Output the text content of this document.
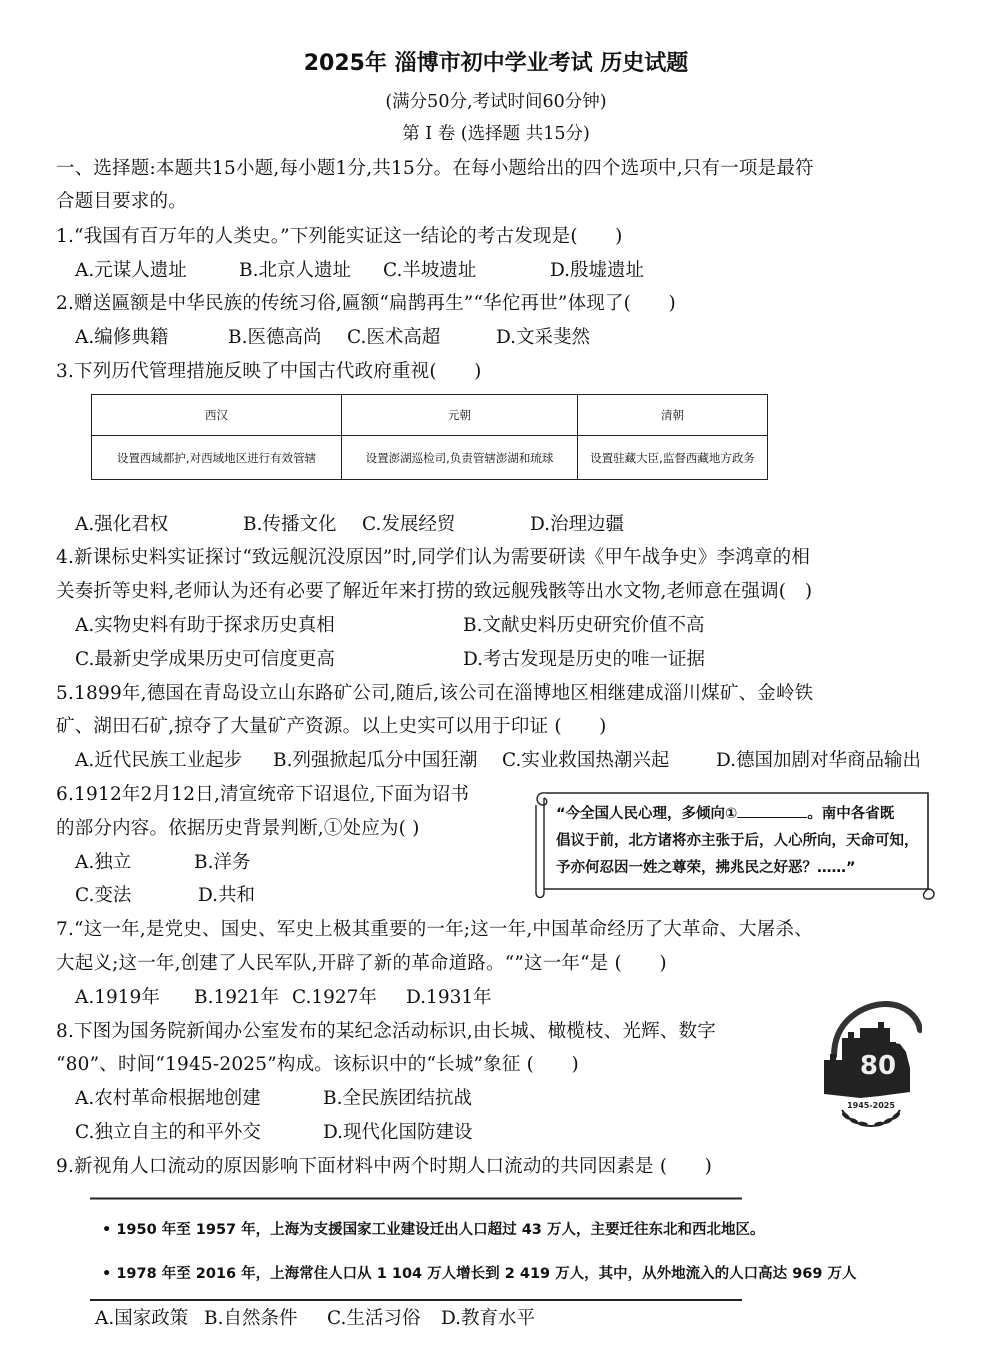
2025年 淄博市初中学业考试 历史试题
(满分50分,考试时间60分钟)
第 I 卷 (选择题 共15分)
一、选择题:本题共15小题,每小题1分,共15分。在每小题给出的四个选项中,只有一项是最符
合题目要求的。
1.“我国有百万年的人类史。”下列能实证这一结论的考古发现是(　　)
A.元谋人遗址	B.北京人遗址 C.半坡遗址	D.殷墟遗址
2.赠送匾额是中华民族的传统习俗,匾额“扁鹊再生”“华佗再世”体现了(　　)
A.编修典籍	B.医德高尚 C.医术高超	D.文采斐然
3.下列历代管理措施反映了中国古代政府重视(　　)
西汉	元朝	清朝
设置西域都护,对西域地区进行有效管辖	设置澎湖巡检司,负责管辖澎湖和琉球	设置驻藏大臣,监督西藏地方政务
A.强化君权	B.传播文化 C.发展经贸	D.治理边疆
4.新课标史料实证探讨“致远舰沉没原因”时,同学们认为需要研读《甲午战争史》李鸿章的相
关奏折等史料,老师认为还有必要了解近年来打捞的致远舰残骸等出水文物,老师意在强调(　)
A.实物史料有助于探求历史真相	B.文献史料历史研究价值不高
C.最新史学成果历史可信度更高	D.考古发现是历史的唯一证据
5.1899年,德国在青岛设立山东路矿公司,随后,该公司在淄博地区相继建成淄川煤矿、金岭铁
矿、湖田石矿,掠夺了大量矿产资源。以上史实可以用于印证 (　　)
A.近代民族工业起步 B.列强掀起瓜分中国狂潮 C.实业救国热潮兴起	D.德国加剧对华商品输出
6.1912年2月12日,清宣统帝下诏退位,下面为诏书
的部分内容。依据历史背景判断,①处应为( )
A.独立	B.洋务
C.变法	D.共和
“今全国人民心理，多倾向①	。南中各省既
倡议于前，北方诸将亦主张于后，人心所向，天命可知，
予亦何忍因一姓之尊荣，拂兆民之好恶？……”
7.“这一年,是党史、国史、军史上极其重要的一年;这一年,中国革命经历了大革命、大屠杀、
大起义;这一年,创建了人民军队,开辟了新的革命道路。“”这一年“是 (　　)
A.1919年 B.1921年 C.1927年 D.1931年
8.下图为国务院新闻办公室发布的某纪念活动标识,由长城、橄榄枝、光辉、数字
“80”、时间“1945-2025”构成。该标识中的“长城”象征 (　　)
A.农村革命根据地创建	B.全民族团结抗战
C.独立自主的和平外交	D.现代化国防建设
80
1945-2025
9.新视角人口流动的原因影响下面材料中两个时期人口流动的共同因素是 (　　)
• 1950 年至 1957 年，上海为支援国家工业建设迁出人口超过 43 万人，主要迁往东北和西北地区。
• 1978 年至 2016 年，上海常住人口从 1 104 万人增长到 2 419 万人，其中，从外地流入的人口高达 969 万人
A.国家政策 B.自然条件 C.生活习俗 D.教育水平
